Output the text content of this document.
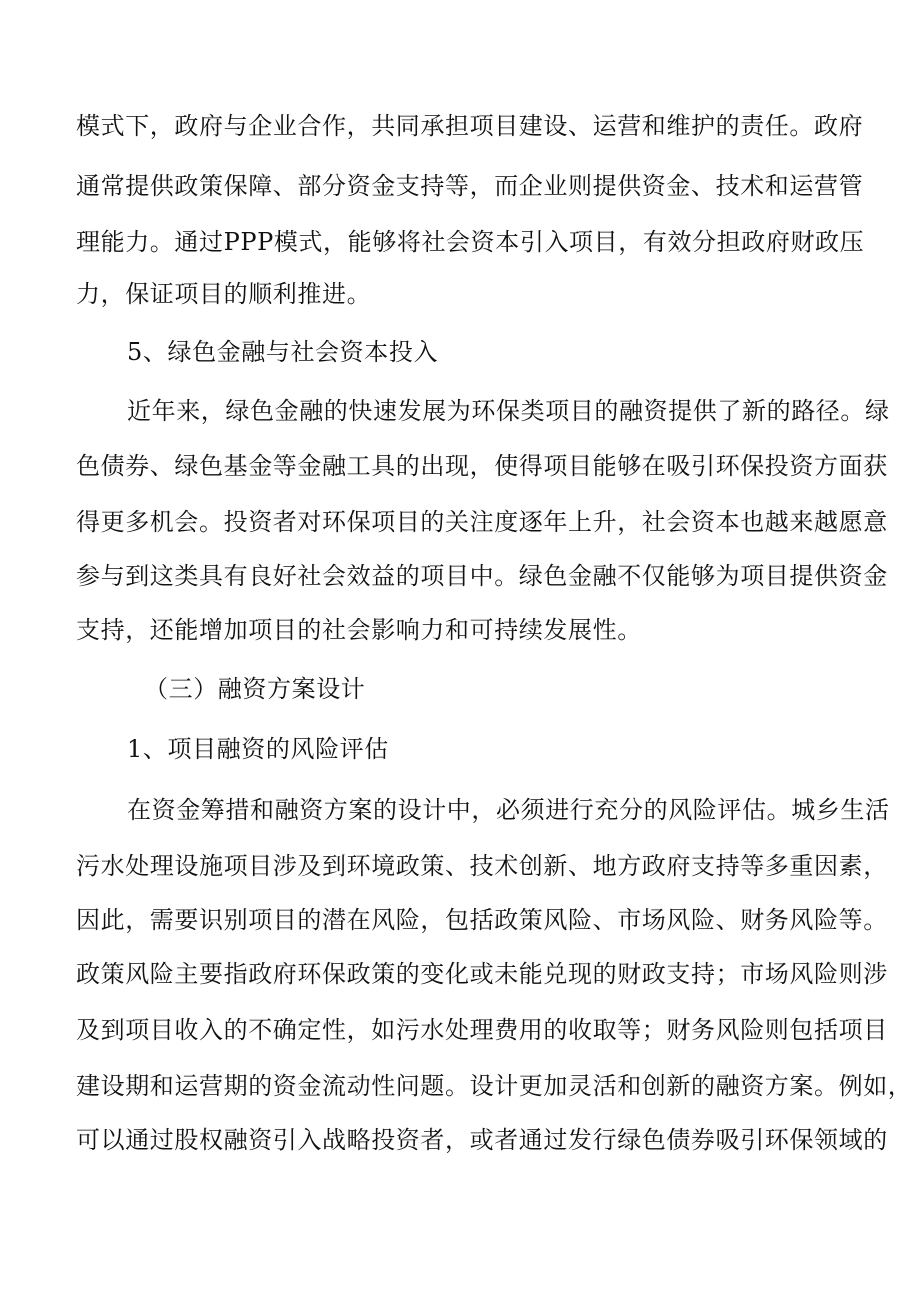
模式下，政府与企业合作，共同承担项目建设、运营和维护的责任。政府
通常提供政策保障、部分资金支持等，而企业则提供资金、技术和运营管
理能力。通过PPP模式，能够将社会资本引入项目，有效分担政府财政压
力，保证项目的顺利推进。
5、绿色金融与社会资本投入
近年来，绿色金融的快速发展为环保类项目的融资提供了新的路径。绿
色债券、绿色基金等金融工具的出现，使得项目能够在吸引环保投资方面获
得更多机会。投资者对环保项目的关注度逐年上升，社会资本也越来越愿意
参与到这类具有良好社会效益的项目中。绿色金融不仅能够为项目提供资金
支持，还能增加项目的社会影响力和可持续发展性。
（三）融资方案设计
1、项目融资的风险评估
在资金筹措和融资方案的设计中，必须进行充分的风险评估。城乡生活
污水处理设施项目涉及到环境政策、技术创新、地方政府支持等多重因素，
因此，需要识别项目的潜在风险，包括政策风险、市场风险、财务风险等。
政策风险主要指政府环保政策的变化或未能兑现的财政支持；市场风险则涉
及到项目收入的不确定性，如污水处理费用的收取等；财务风险则包括项目
建设期和运营期的资金流动性问题。设计更加灵活和创新的融资方案。例如，
可以通过股权融资引入战略投资者，或者通过发行绿色债券吸引环保领域的
